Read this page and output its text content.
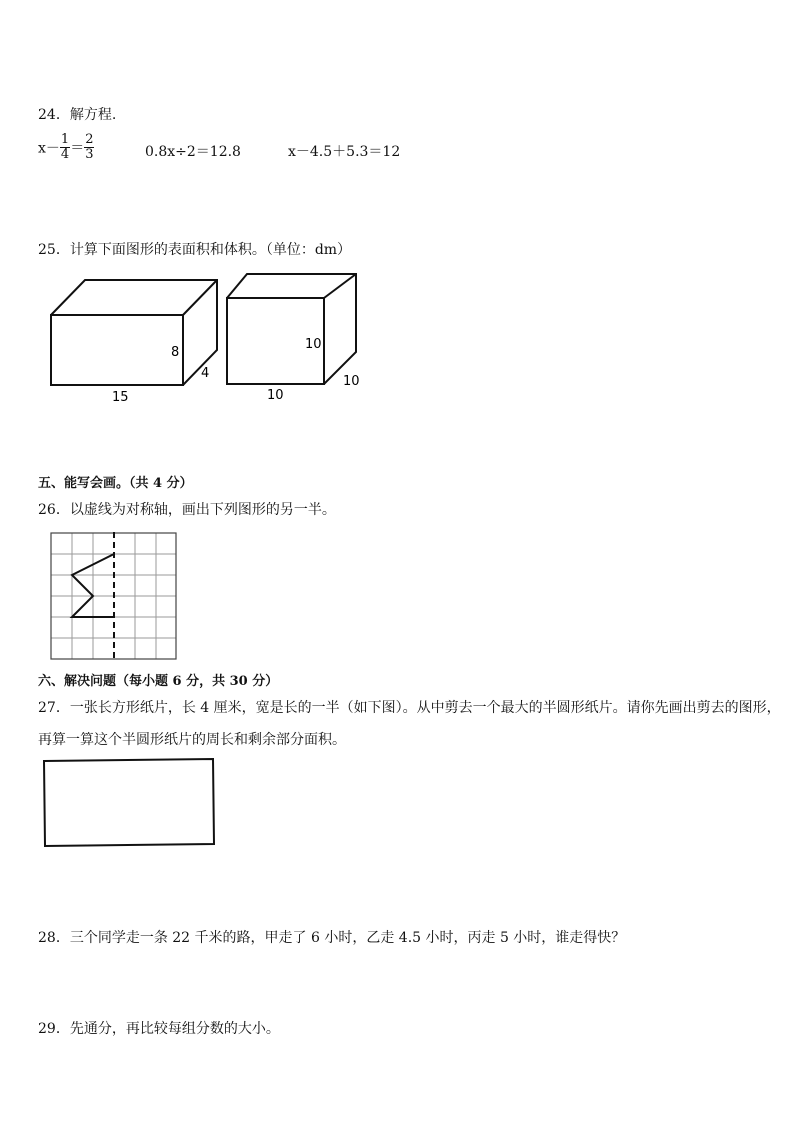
24．解方程.
$x- \frac{1}{4} = \frac{2}{3}$	0.8x÷2＝12.8	x－4.5＋5.3＝12
25．计算下面图形的表面积和体积。（单位：dm）
8
4
15
10
10
10
五、能写会画。（共 4 分）
26．以虚线为对称轴，画出下列图形的另一半。
六、解决问题（每小题 6 分，共 30 分）
27．一张长方形纸片，长 4 厘米，宽是长的一半（如下图）。从中剪去一个最大的半圆形纸片。请你先画出剪去的图形，
再算一算这个半圆形纸片的周长和剩余部分面积。
28．三个同学走一条 22 千米的路，甲走了 6 小时，乙走 4.5 小时，丙走 5 小时，谁走得快？
29．先通分，再比较每组分数的大小。
